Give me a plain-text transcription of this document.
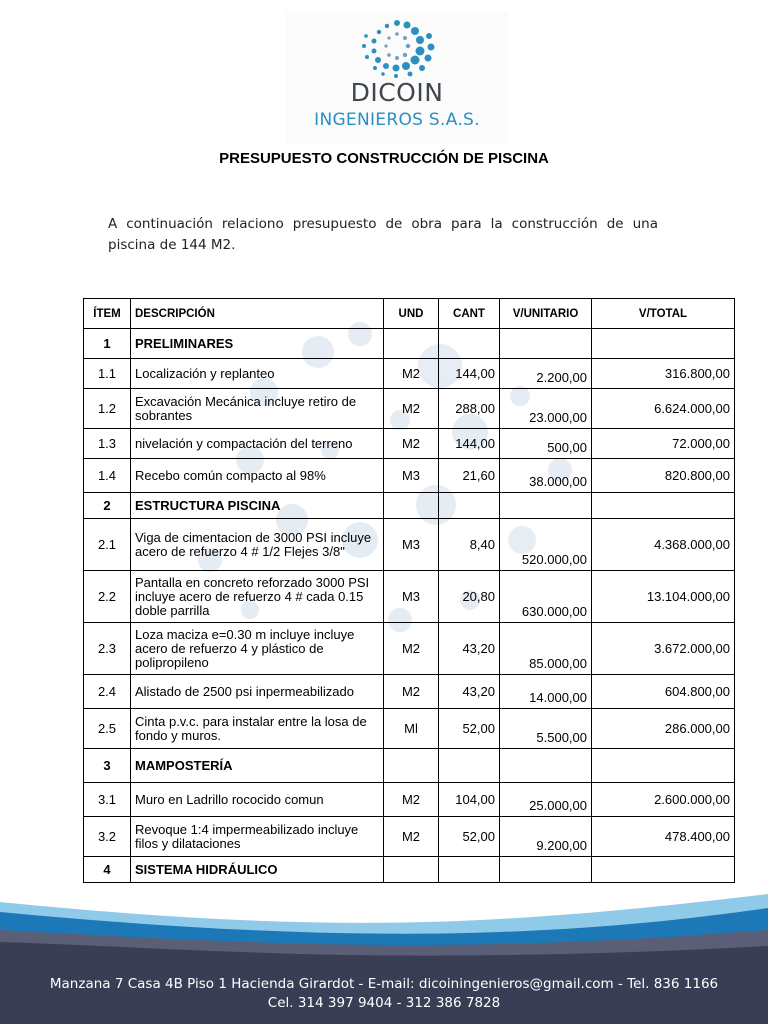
DICOIN
INGENIEROS S.A.S.
PRESUPUESTO CONSTRUCCIÓN DE PISCINA
A continuación relaciono presupuesto de obra para la construcción de una piscina de 144 M2.
ÍTEM	DESCRIPCIÓN	UND	CANT	V/UNITARIO	V/TOTAL
1	PRELIMINARES				
1.1	Localización y replanteo	M2	144,00	2.200,00	316.800,00
1.2	Excavación Mecánica incluye retiro de sobrantes	M2	288,00	23.000,00	6.624.000,00
1.3	nivelación y compactación del terreno	M2	144,00	500,00	72.000,00
1.4	Recebo común compacto al 98%	M3	21,60	38.000,00	820.800,00
2	ESTRUCTURA PISCINA				
2.1	Viga de cimentacion de 3000 PSI incluye acero de refuerzo 4 # 1/2 Flejes 3/8"	M3	8,40	520.000,00	4.368.000,00
2.2	Pantalla en concreto reforzado 3000 PSI incluye acero de refuerzo 4 # cada 0.15 doble parrilla	M3	20,80	630.000,00	13.104.000,00
2.3	Loza maciza e=0.30 m incluye incluye acero de refuerzo 4 y plástico de polipropileno	M2	43,20	85.000,00	3.672.000,00
2.4	Alistado de 2500 psi inpermeabilizado	M2	43,20	14.000,00	604.800,00
2.5	Cinta p.v.c. para instalar entre la losa de fondo y muros.	Ml	52,00	5.500,00	286.000,00
3	MAMPOSTERÍA				
3.1	Muro en Ladrillo rococido comun	M2	104,00	25.000,00	2.600.000,00
3.2	Revoque 1:4 impermeabilizado incluye filos y dilataciones	M2	52,00	9.200,00	478.400,00
4	SISTEMA HIDRÁULICO				
Manzana 7 Casa 4B Piso 1 Hacienda Girardot - E-mail: dicoiningenieros@gmail.com - Tel. 836 1166
Cel. 314 397 9404 - 312 386 7828
